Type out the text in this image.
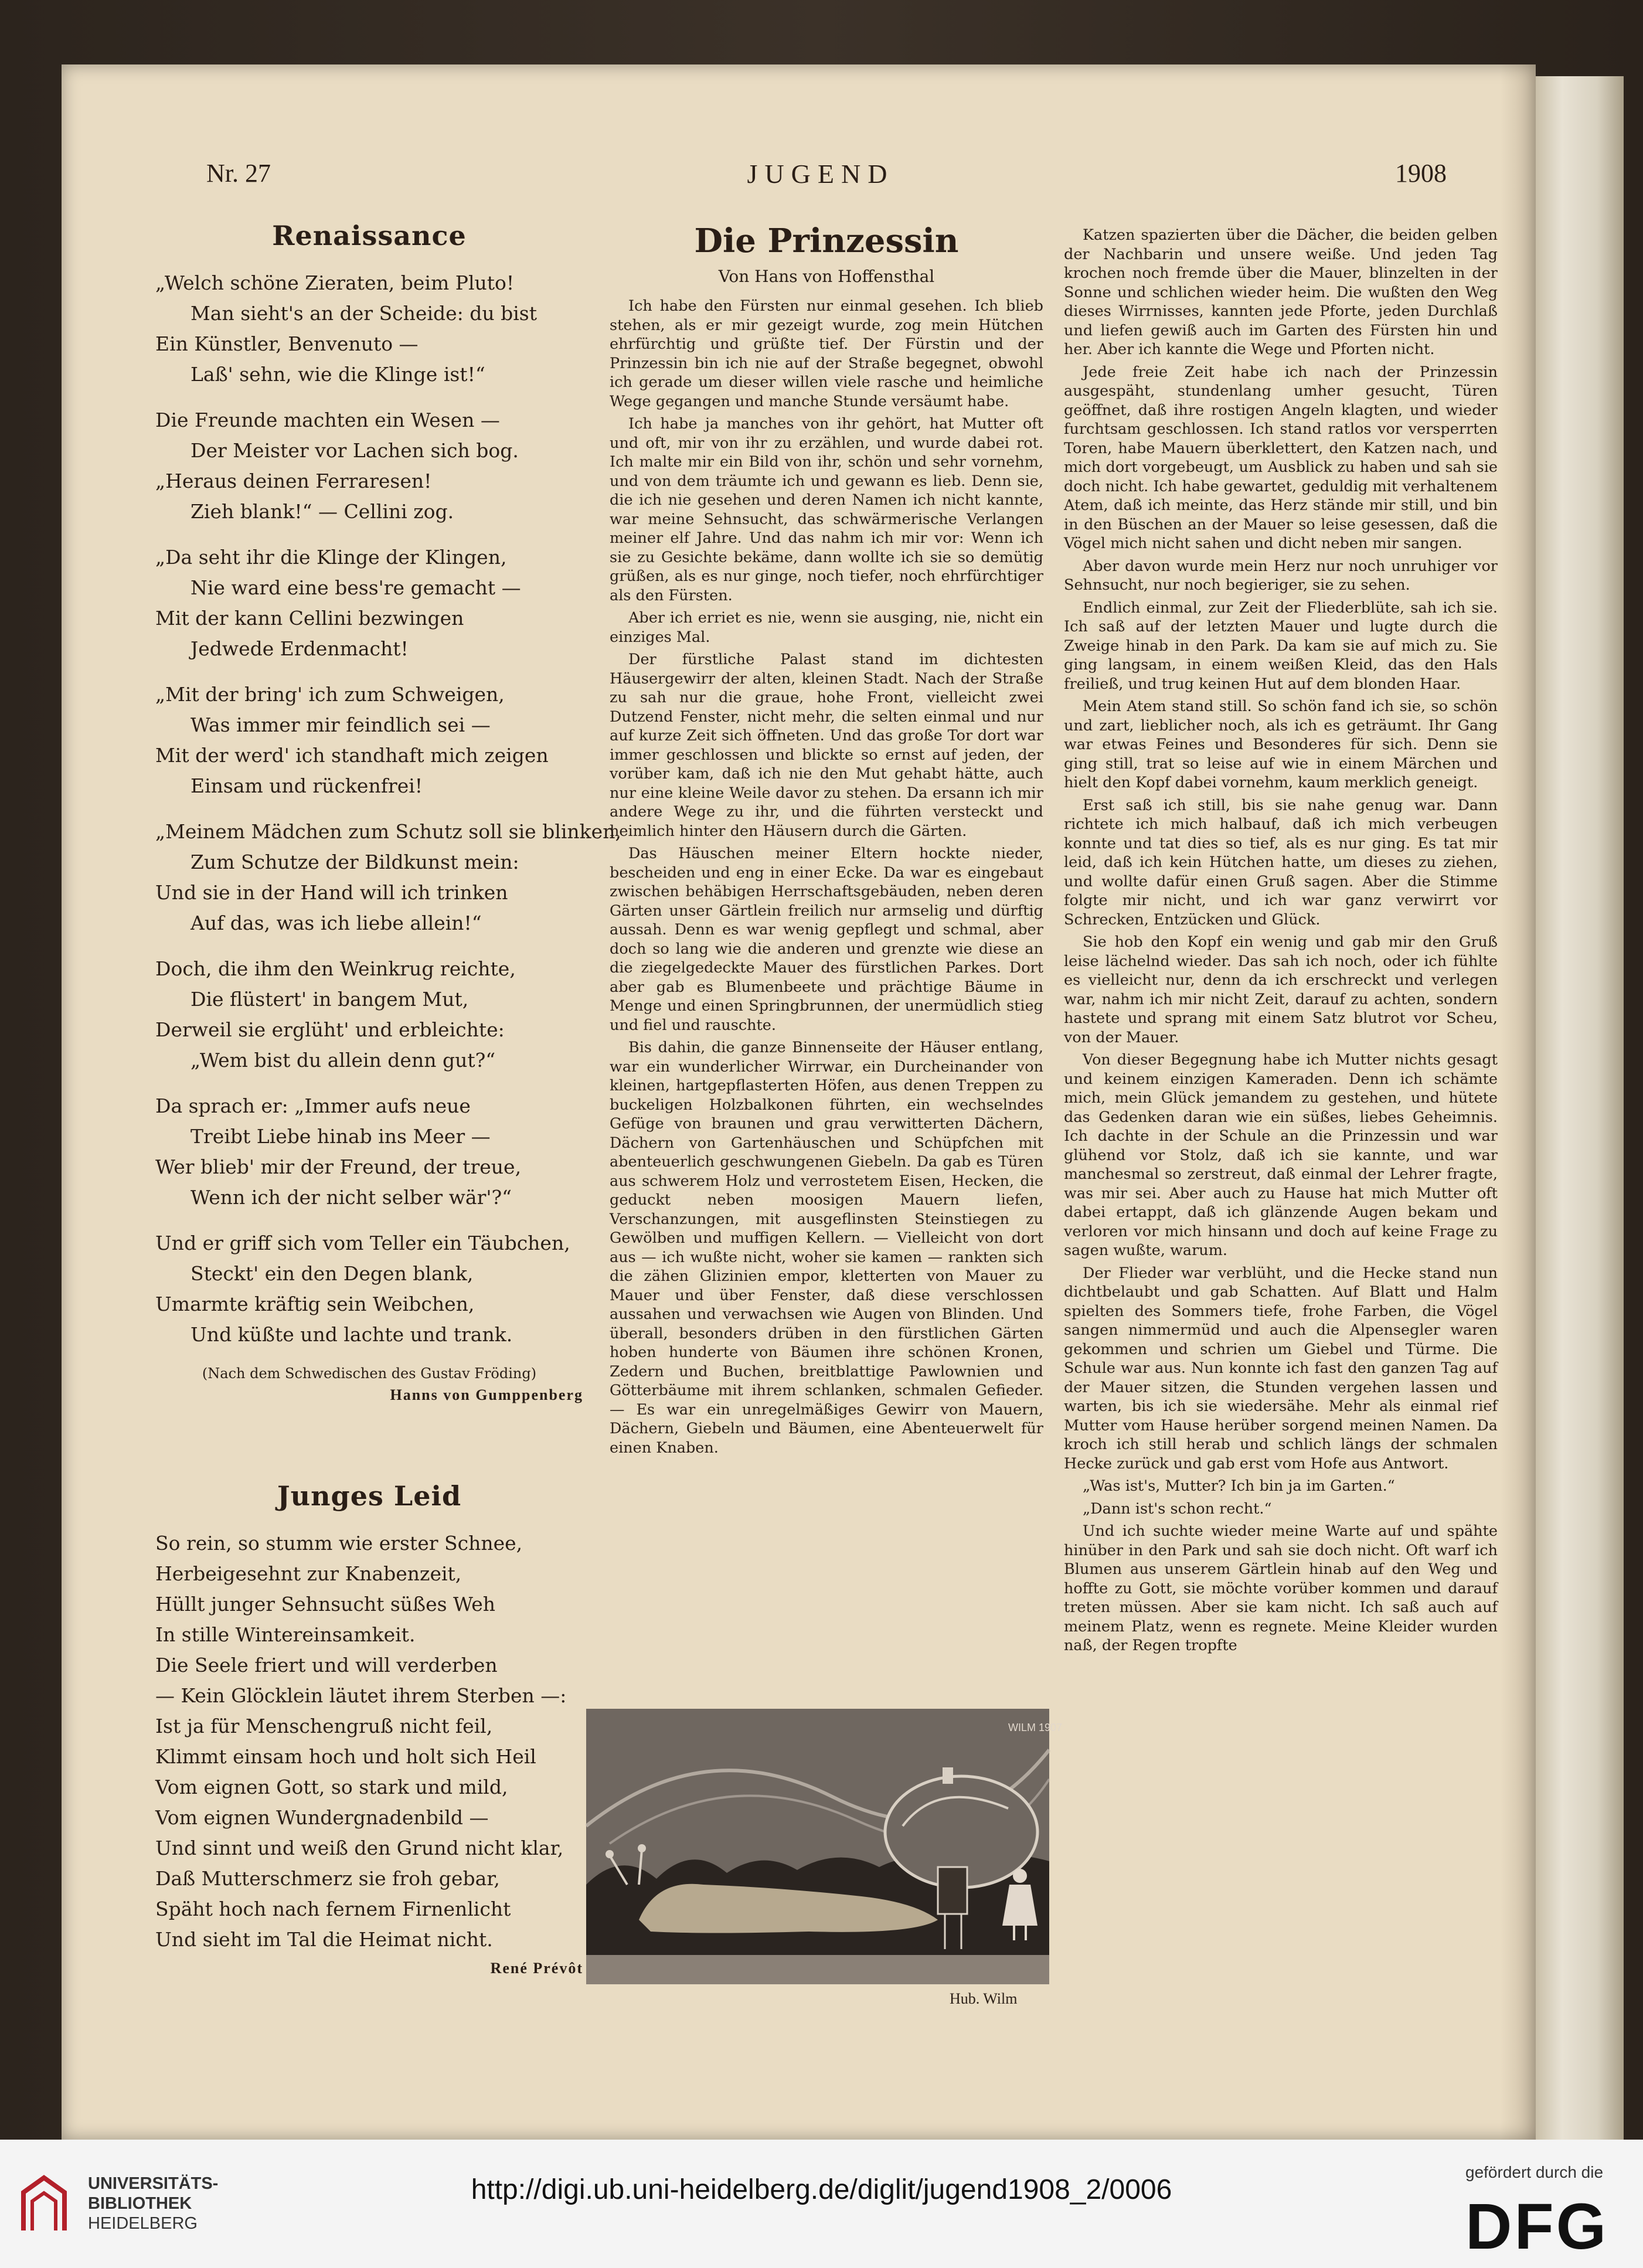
Nr. 27	JUGEND	1908
Renaissance
„Welch schöne Zieraten, beim Pluto!
Man sieht's an der Scheide: du bist
Ein Künstler, Benvenuto —
Laß' sehn, wie die Klinge ist!“
Die Freunde machten ein Wesen —
Der Meister vor Lachen sich bog.
„Heraus deinen Ferraresen!
Zieh blank!“ — Cellini zog.
„Da seht ihr die Klinge der Klingen,
Nie ward eine bess're gemacht —
Mit der kann Cellini bezwingen
Jedwede Erdenmacht!
„Mit der bring' ich zum Schweigen,
Was immer mir feindlich sei —
Mit der werd' ich standhaft mich zeigen
Einsam und rückenfrei!
„Meinem Mädchen zum Schutz soll sie blinken,
Zum Schutze der Bildkunst mein:
Und sie in der Hand will ich trinken
Auf das, was ich liebe allein!“
Doch, die ihm den Weinkrug reichte,
Die flüstert' in bangem Mut,
Derweil sie erglüht' und erbleichte:
„Wem bist du allein denn gut?“
Da sprach er: „Immer aufs neue
Treibt Liebe hinab ins Meer —
Wer blieb' mir der Freund, der treue,
Wenn ich der nicht selber wär'?“
Und er griff sich vom Teller ein Täubchen,
Steckt' ein den Degen blank,
Umarmte kräftig sein Weibchen,
Und küßte und lachte und trank.
(Nach dem Schwedischen des Gustav Fröding)
Hanns von Gumppenberg
Junges Leid
So rein, so stumm wie erster Schnee,
Herbeigesehnt zur Knabenzeit,
Hüllt junger Sehnsucht süßes Weh
In stille Wintereinsamkeit.
Die Seele friert und will verderben
— Kein Glöcklein läutet ihrem Sterben —:
Ist ja für Menschengruß nicht feil,
Klimmt einsam hoch und holt sich Heil
Vom eignen Gott, so stark und mild,
Vom eignen Wundergnadenbild —
Und sinnt und weiß den Grund nicht klar,
Daß Mutterschmerz sie froh gebar,
Späht hoch nach fernem Firnenlicht
Und sieht im Tal die Heimat nicht.
René Prévôt
Die Prinzessin
Von Hans von Hoffensthal

Ich habe den Fürsten nur einmal gesehen. Ich blieb stehen, als er mir gezeigt wurde, zog mein Hütchen ehrfürchtig und grüßte tief. Der Fürstin und der Prinzessin bin ich nie auf der Straße begegnet, obwohl ich gerade um dieser willen viele rasche und heimliche Wege gegangen und manche Stunde versäumt habe.

Ich habe ja manches von ihr gehört, hat Mutter oft und oft, mir von ihr zu erzählen, und wurde dabei rot. Ich malte mir ein Bild von ihr, schön und sehr vornehm, und von dem träumte ich und gewann es lieb. Denn sie, die ich nie gesehen und deren Namen ich nicht kannte, war meine Sehnsucht, das schwärmerische Verlangen meiner elf Jahre. Und das nahm ich mir vor: Wenn ich sie zu Gesichte bekäme, dann wollte ich sie so demütig grüßen, als es nur ginge, noch tiefer, noch ehrfürchtiger als den Fürsten.

Aber ich erriet es nie, wenn sie ausging, nie, nicht ein einziges Mal.

Der fürstliche Palast stand im dichtesten Häusergewirr der alten, kleinen Stadt. Nach der Straße zu sah nur die graue, hohe Front, vielleicht zwei Dutzend Fenster, nicht mehr, die selten einmal und nur auf kurze Zeit sich öffneten. Und das große Tor dort war immer geschlossen und blickte so ernst auf jeden, der vorüber kam, daß ich nie den Mut gehabt hätte, auch nur eine kleine Weile davor zu stehen. Da ersann ich mir andere Wege zu ihr, und die führten versteckt und heimlich hinter den Häusern durch die Gärten.

Das Häuschen meiner Eltern hockte nieder, bescheiden und eng in einer Ecke. Da war es eingebaut zwischen behäbigen Herrschaftsgebäuden, neben deren Gärten unser Gärtlein freilich nur armselig und dürftig aussah. Denn es war wenig gepflegt und schmal, aber doch so lang wie die anderen und grenzte wie diese an die ziegelgedeckte Mauer des fürstlichen Parkes. Dort aber gab es Blumenbeete und prächtige Bäume in Menge und einen Springbrunnen, der unermüdlich stieg und fiel und rauschte.

Bis dahin, die ganze Binnenseite der Häuser entlang, war ein wunderlicher Wirrwar, ein Durcheinander von kleinen, hartgepflasterten Höfen, aus denen Treppen zu buckeligen Holzbalkonen führten, ein wechselndes Gefüge von braunen und grau verwitterten Dächern, Dächern von Gartenhäuschen und Schüpfchen mit abenteuerlich geschwungenen Giebeln. Da gab es Türen aus schwerem Holz und verrostetem Eisen, Hecken, die geduckt neben moosigen Mauern liefen, Verschanzungen, mit ausgeflinsten Steinstiegen zu Gewölben und muffigen Kellern. — Vielleicht von dort aus — ich wußte nicht, woher sie kamen — rankten sich die zähen Glizinien empor, kletterten von Mauer zu Mauer und über Fenster, daß diese verschlossen aussahen und verwachsen wie Augen von Blinden. Und überall, besonders drüben in den fürstlichen Gärten hoben hunderte von Bäumen ihre schönen Kronen, Zedern und Buchen, breitblattige Pawlownien und Götterbäume mit ihrem schlanken, schmalen Gefieder. — Es war ein unregelmäßiges Gewirr von Mauern, Dächern, Giebeln und Bäumen, eine Abenteuerwelt für einen Knaben.

Katzen spazierten über die Dächer, die beiden gelben der Nachbarin und unsere weiße. Und jeden Tag krochen noch fremde über die Mauer, blinzelten in der Sonne und schlichen wieder heim. Die wußten den Weg dieses Wirrnisses, kannten jede Pforte, jeden Durchlaß und liefen gewiß auch im Garten des Fürsten hin und her. Aber ich kannte die Wege und Pforten nicht.

Jede freie Zeit habe ich nach der Prinzessin ausgespäht, stundenlang umher gesucht, Türen geöffnet, daß ihre rostigen Angeln klagten, und wieder furchtsam geschlossen. Ich stand ratlos vor versperrten Toren, habe Mauern überklettert, den Katzen nach, und mich dort vorgebeugt, um Ausblick zu haben und sah sie doch nicht. Ich habe gewartet, geduldig mit verhaltenem Atem, daß ich meinte, das Herz stände mir still, und bin in den Büschen an der Mauer so leise gesessen, daß die Vögel mich nicht sahen und dicht neben mir sangen.

Aber davon wurde mein Herz nur noch unruhiger vor Sehnsucht, nur noch begieriger, sie zu sehen.

Endlich einmal, zur Zeit der Fliederblüte, sah ich sie. Ich saß auf der letzten Mauer und lugte durch die Zweige hinab in den Park. Da kam sie auf mich zu. Sie ging langsam, in einem weißen Kleid, das den Hals freiließ, und trug keinen Hut auf dem blonden Haar.

Mein Atem stand still. So schön fand ich sie, so schön und zart, lieblicher noch, als ich es geträumt. Ihr Gang war etwas Feines und Besonderes für sich. Denn sie ging still, trat so leise auf wie in einem Märchen und hielt den Kopf dabei vornehm, kaum merklich geneigt.

Erst saß ich still, bis sie nahe genug war. Dann richtete ich mich halbauf, daß ich mich verbeugen konnte und tat dies so tief, als es nur ging. Es tat mir leid, daß ich kein Hütchen hatte, um dieses zu ziehen, und wollte dafür einen Gruß sagen. Aber die Stimme folgte mir nicht, und ich war ganz verwirrt vor Schrecken, Entzücken und Glück.

Sie hob den Kopf ein wenig und gab mir den Gruß leise lächelnd wieder. Das sah ich noch, oder ich fühlte es vielleicht nur, denn da ich erschreckt und verlegen war, nahm ich mir nicht Zeit, darauf zu achten, sondern hastete und sprang mit einem Satz blutrot vor Scheu, von der Mauer.

Von dieser Begegnung habe ich Mutter nichts gesagt und keinem einzigen Kameraden. Denn ich schämte mich, mein Glück jemandem zu gestehen, und hütete das Gedenken daran wie ein süßes, liebes Geheimnis. Ich dachte in der Schule an die Prinzessin und war glühend vor Stolz, daß ich sie kannte, und war manchesmal so zerstreut, daß einmal der Lehrer fragte, was mir sei. Aber auch zu Hause hat mich Mutter oft dabei ertappt, daß ich glänzende Augen bekam und verloren vor mich hinsann und doch auf keine Frage zu sagen wußte, warum.

Der Flieder war verblüht, und die Hecke stand nun dichtbelaubt und gab Schatten. Auf Blatt und Halm spielten des Sommers tiefe, frohe Farben, die Vögel sangen nimmermüd und auch die Alpensegler waren gekommen und schrien um Giebel und Türme. Die Schule war aus. Nun konnte ich fast den ganzen Tag auf der Mauer sitzen, die Stunden vergehen lassen und warten, bis ich sie wiedersähe. Mehr als einmal rief Mutter vom Hause herüber sorgend meinen Namen. Da kroch ich still herab und schlich längs der schmalen Hecke zurück und gab erst vom Hofe aus Antwort.

„Was ist's, Mutter? Ich bin ja im Garten.“

„Dann ist's schon recht.“

Und ich suchte wieder meine Warte auf und spähte hinüber in den Park und sah sie doch nicht. Oft warf ich Blumen aus unserem Gärtlein hinab auf den Weg und hoffte zu Gott, sie möchte vorüber kommen und darauf treten müssen. Aber sie kam nicht. Ich saß auch auf meinem Platz, wenn es regnete. Meine Kleider wurden naß, der Regen tropfte

WILM 1907
Hub. Wilm
UNIVERSITÄTS-
BIBLIOTHEK
HEIDELBERG
http://digi.ub.uni-heidelberg.de/diglit/jugend1908_2/0006
gefördert durch die
DFG
